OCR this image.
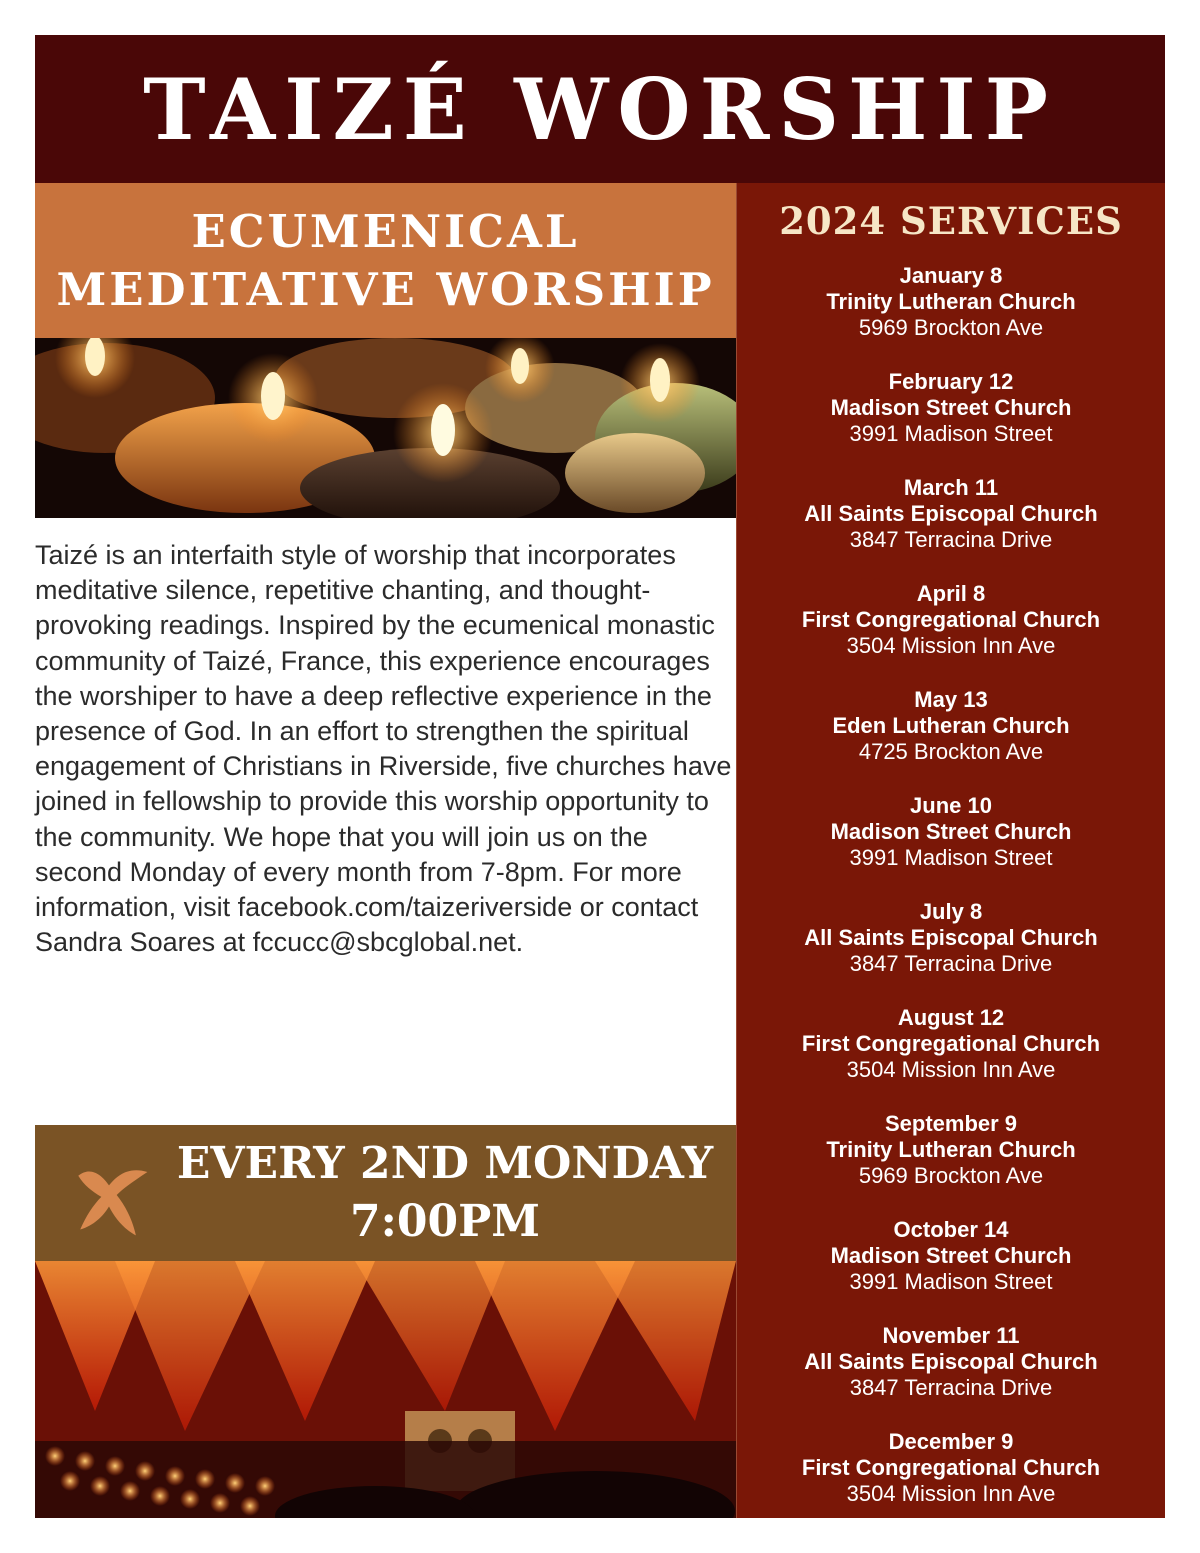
TAIZÉ WORSHIP
ECUMENICAL
MEDITATIVE WORSHIP

Taizé is an interfaith style of worship that incorporates meditative silence, repetitive chanting, and thought- provoking readings. Inspired by the ecumenical monastic community of Taizé, France, this experience encourages the worshiper to have a deep reflective experience in the presence of God. In an effort to strengthen the spiritual engagement of Christians in Riverside, five churches have joined in fellowship to provide this worship opportunity to the community. We hope that you will join us on the second Monday of every month from 7-8pm. For more information, visit facebook.com/taizeriverside or contact Sandra Soares at fccucc@sbcglobal.net.

EVERY 2ND MONDAY
7:00PM
2024 SERVICES
January 8
Trinity Lutheran Church
5969 Brockton Ave
February 12
Madison Street Church
3991 Madison Street
March 11
All Saints Episcopal Church
3847 Terracina Drive
April 8
First Congregational Church
3504 Mission Inn Ave
May 13
Eden Lutheran Church
4725 Brockton Ave
June 10
Madison Street Church
3991 Madison Street
July 8
All Saints Episcopal Church
3847 Terracina Drive
August 12
First Congregational Church
3504 Mission Inn Ave
September 9
Trinity Lutheran Church
5969 Brockton Ave
October 14
Madison Street Church
3991 Madison Street
November 11
All Saints Episcopal Church
3847 Terracina Drive
December 9
First Congregational Church
3504 Mission Inn Ave
